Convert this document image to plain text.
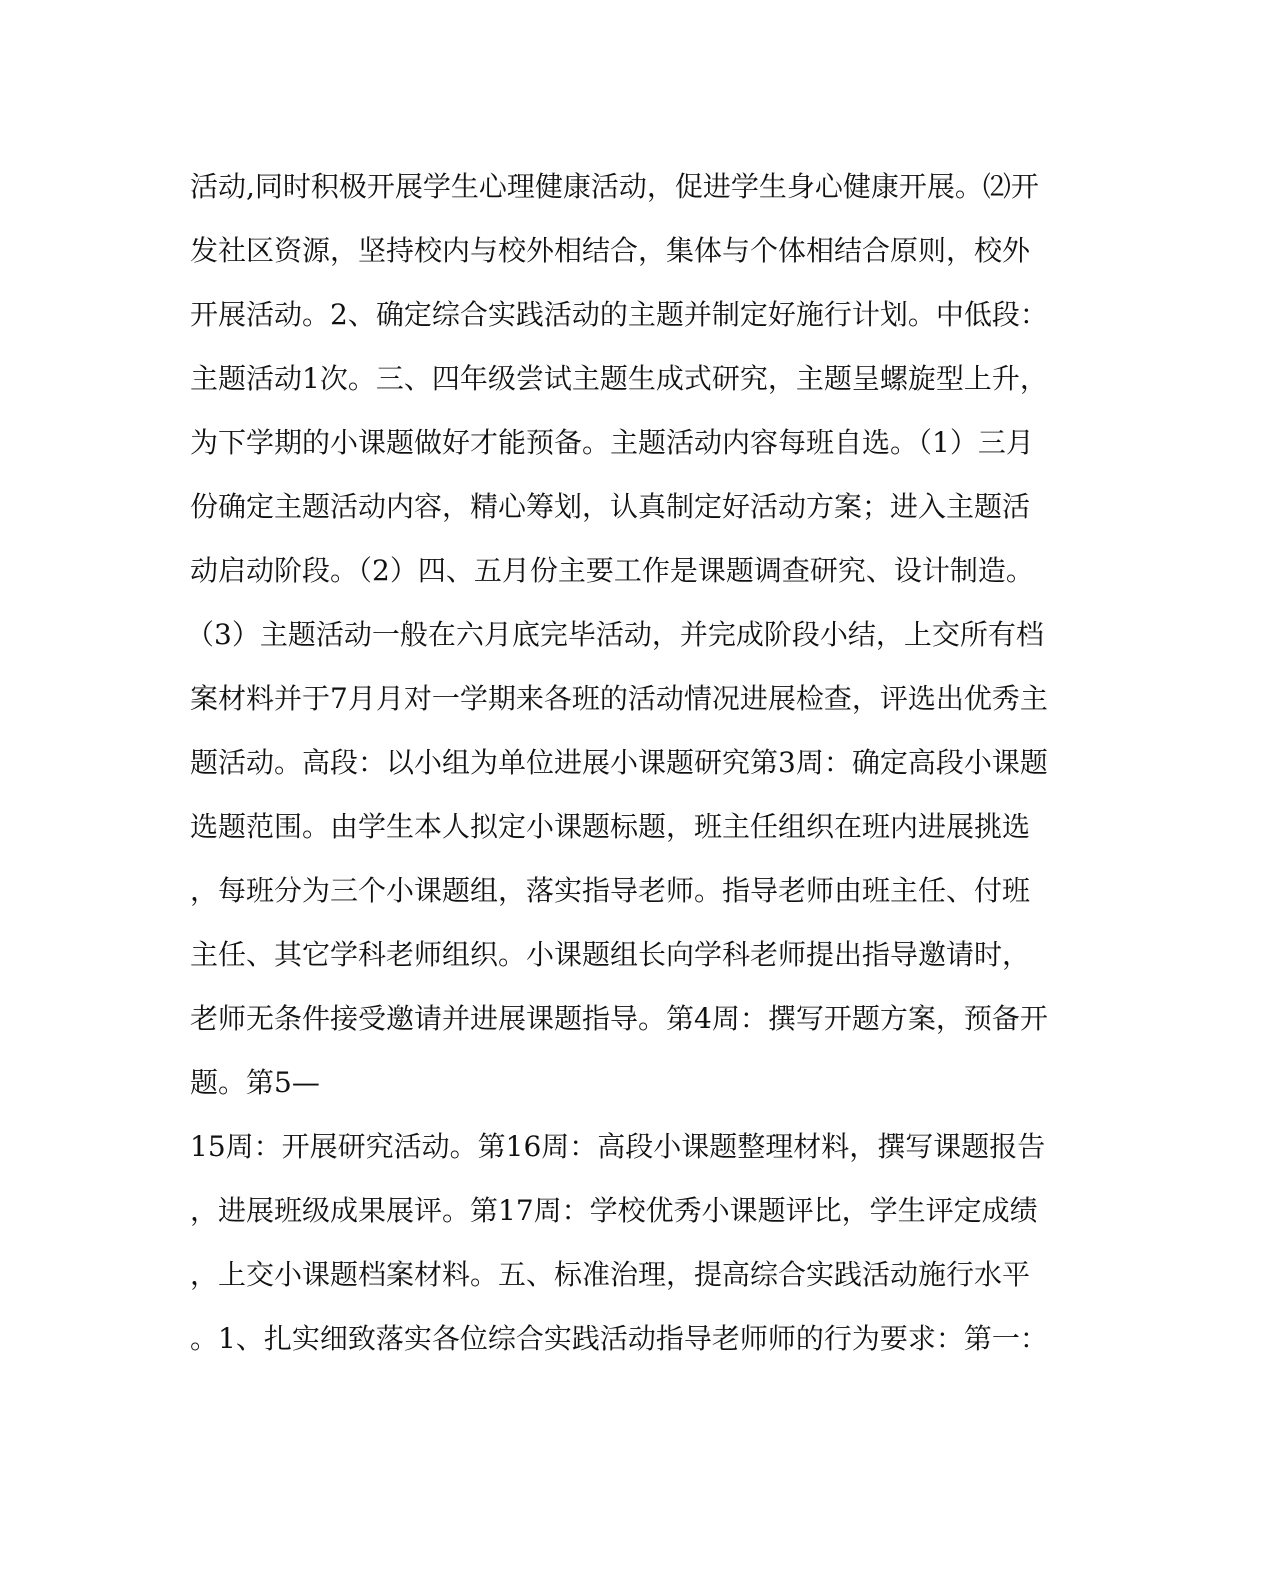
活动,同时积极开展学生心理健康活动，促进学生身心健康开展。⑵开
发社区资源，坚持校内与校外相结合，集体与个体相结合原则，校外
开展活动。2、确定综合实践活动的主题并制定好施行计划。中低段：
主题活动1次。三、四年级尝试主题生成式研究，主题呈螺旋型上升，
为下学期的小课题做好才能预备。主题活动内容每班自选。（1）三月
份确定主题活动内容，精心筹划，认真制定好活动方案；进入主题活
动启动阶段。（2）四、五月份主要工作是课题调查研究、设计制造。
（3）主题活动一般在六月底完毕活动，并完成阶段小结，上交所有档
案材料并于7月月对一学期来各班的活动情况进展检查，评选出优秀主
题活动。高段：以小组为单位进展小课题研究第3周：确定高段小课题
选题范围。由学生本人拟定小课题标题，班主任组织在班内进展挑选
，每班分为三个小课题组，落实指导老师。指导老师由班主任、付班
主任、其它学科老师组织。小课题组长向学科老师提出指导邀请时，
老师无条件接受邀请并进展课题指导。第4周：撰写开题方案，预备开
题。第5—
15周：开展研究活动。第16周：高段小课题整理材料，撰写课题报告
，进展班级成果展评。第17周：学校优秀小课题评比，学生评定成绩
，上交小课题档案材料。五、标准治理，提高综合实践活动施行水平
。1、扎实细致落实各位综合实践活动指导老师师的行为要求：第一：
